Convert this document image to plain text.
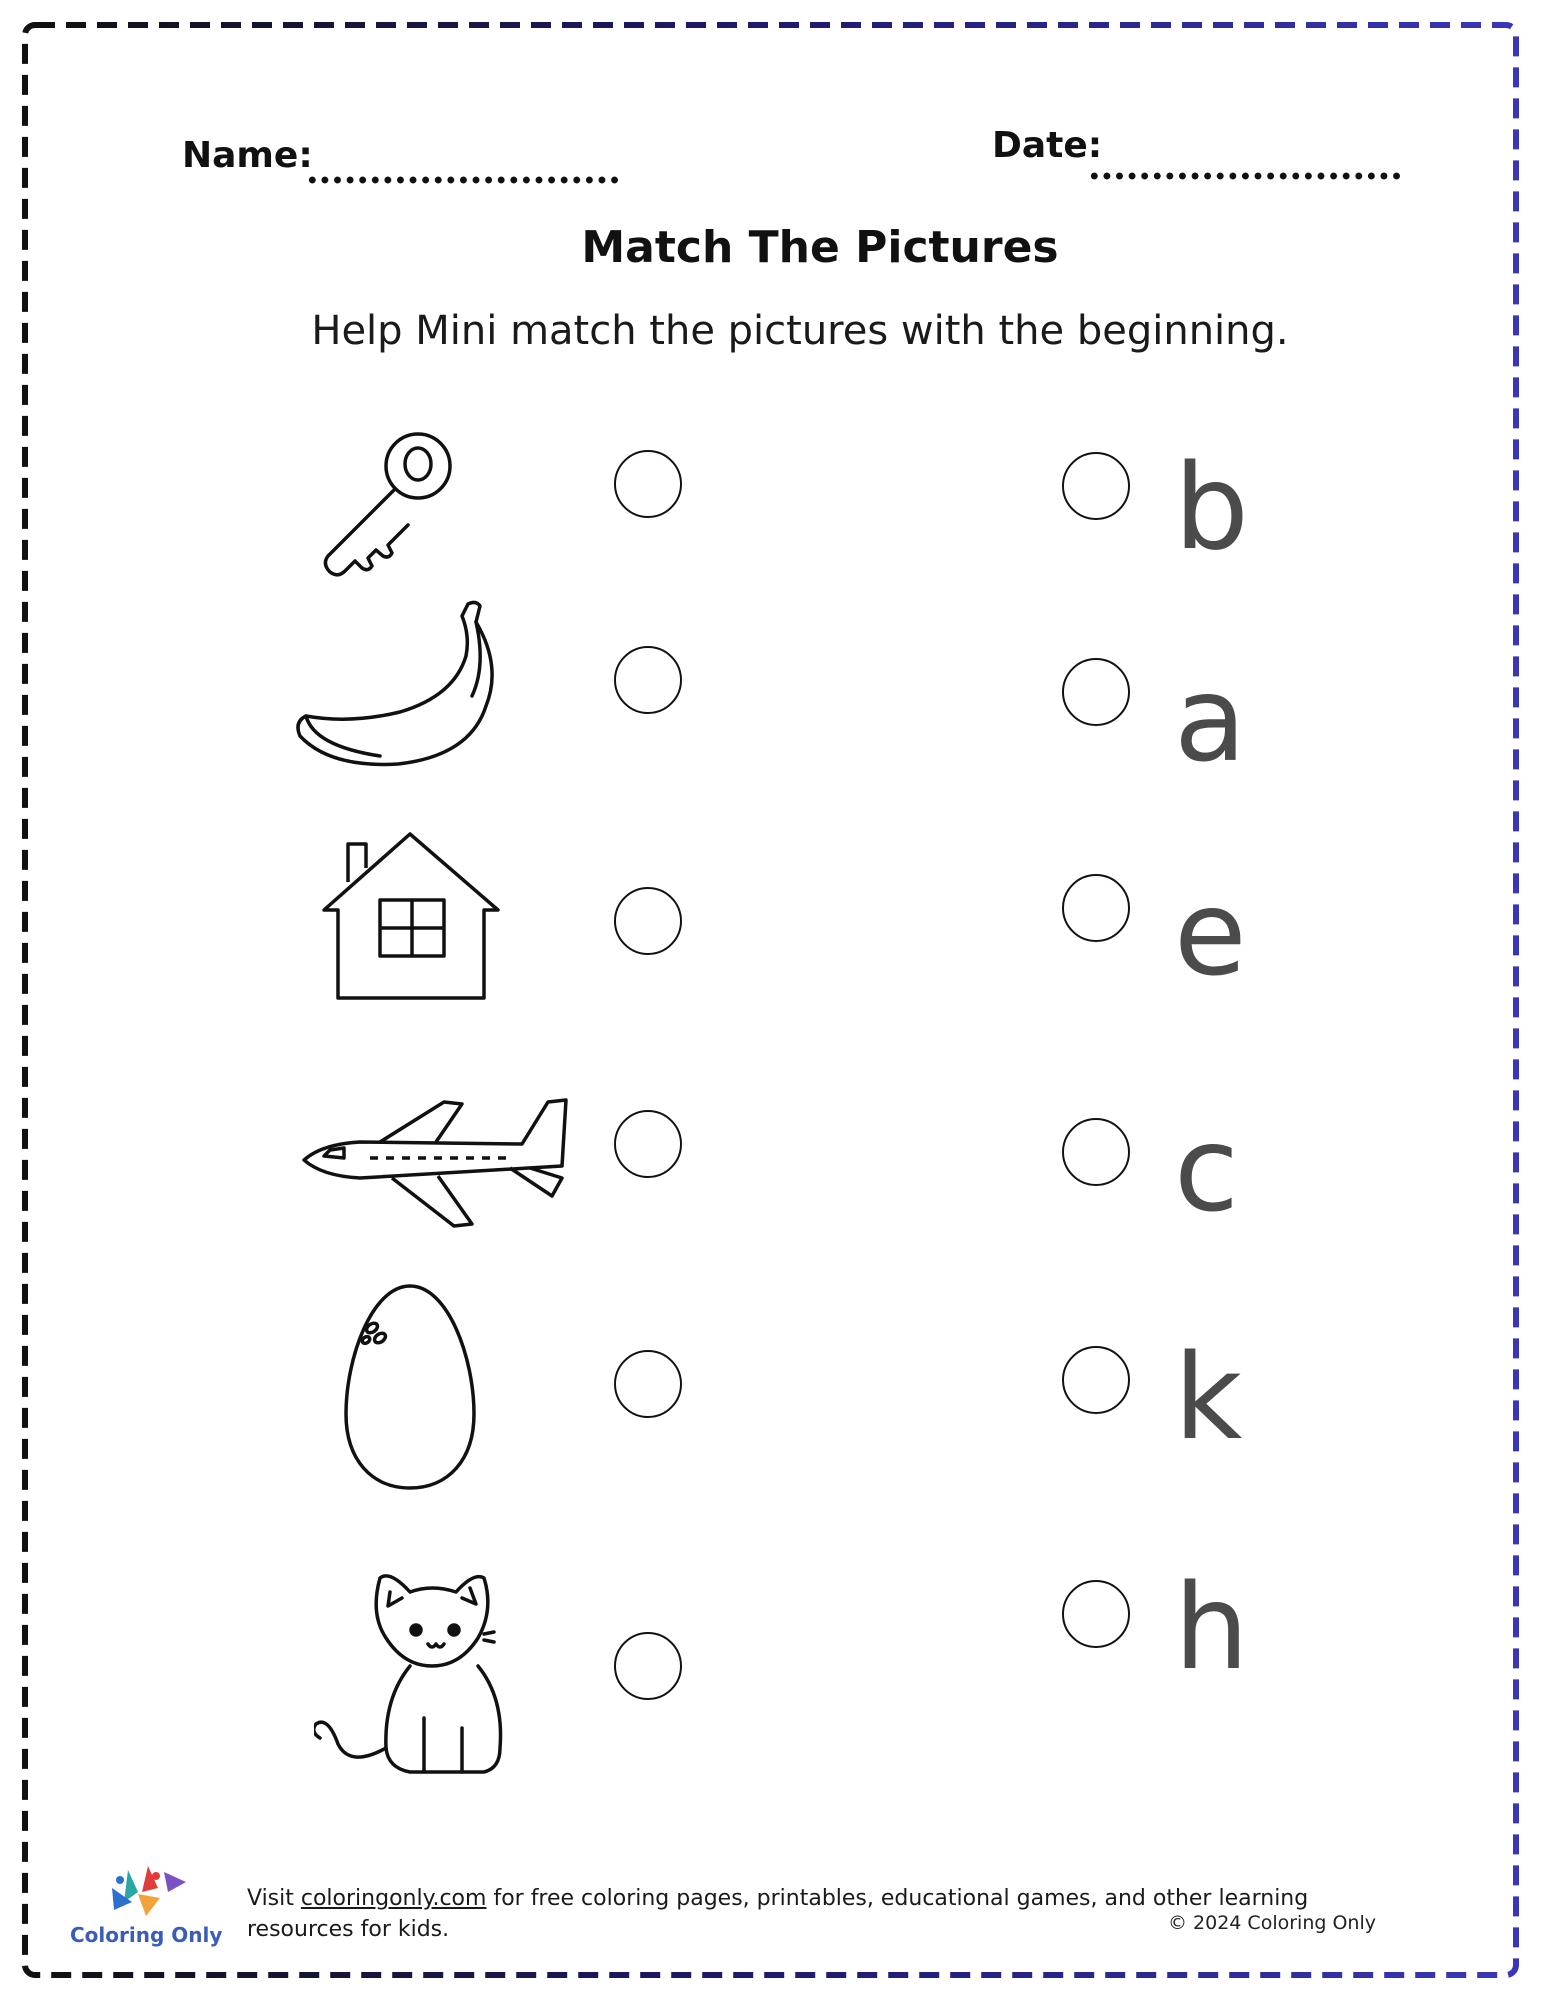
Name:	Date:
Match The Pictures
Help Mini match the pictures with the beginning.
b
a
e
c
k
h
Coloring Only
Visit coloringonly.com for free coloring pages, printables, educational games, and other learning resources for kids.	© 2024 Coloring Only
